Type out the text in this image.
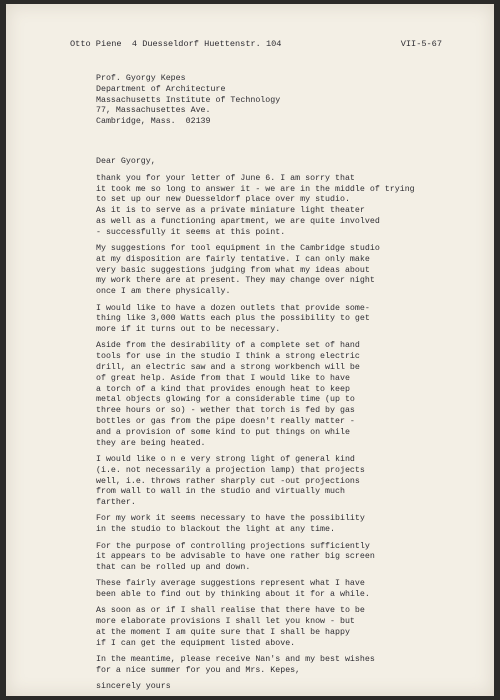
Otto Piene  4 Duesseldorf Huettenstr. 104	VII-5-67
Prof. Gyorgy Kepes
Department of Architecture
Massachusetts Institute of Technology
77, Massachusettes Ave.
Cambridge, Mass.  02139
Dear Gyorgy,
thank you for your letter of June 6. I am sorry that
it took me so long to answer it - we are in the middle of trying
to set up our new Duesseldorf place over my studio.
As it is to serve as a private miniature light theater
as well as a functioning apartment, we are quite involved
- successfully it seems at this point.
My suggestions for tool equipment in the Cambridge studio
at my disposition are fairly tentative. I can only make
very basic suggestions judging from what my ideas about
my work there are at present. They may change over night
once I am there physically.
I would like to have a dozen outlets that provide some-
thing like 3,000 Watts each plus the possibility to get
more if it turns out to be necessary.
Aside from the desirability of a complete set of hand
tools for use in the studio I think a strong electric
drill, an electric saw and a strong workbench will be
of great help. Aside from that I would like to have
a torch of a kind that provides enough heat to keep
metal objects glowing for a considerable time (up to
three hours or so) - wether that torch is fed by gas
bottles or gas from the pipe doesn't really matter -
and a provision of some kind to put things on while
they are being heated.
I would like o n e very strong light of general kind
(i.e. not necessarily a projection lamp) that projects
well, i.e. throws rather sharply cut -out projections
from wall to wall in the studio and virtually much
farther.
For my work it seems necessary to have the possibility
in the studio to blackout the light at any time.
For the purpose of controlling projections sufficiently
it appears to be advisable to have one rather big screen
that can be rolled up and down.
These fairly average suggestions represent what I have
been able to find out by thinking about it for a while.
As soon as or if I shall realise that there have to be
more elaborate provisions I shall let you know - but
at the moment I am quite sure that I shall be happy
if I can get the equipment listed above.
In the meantime, please receive Nan's and my best wishes
for a nice summer for you and Mrs. Kepes,
sincerely yours
